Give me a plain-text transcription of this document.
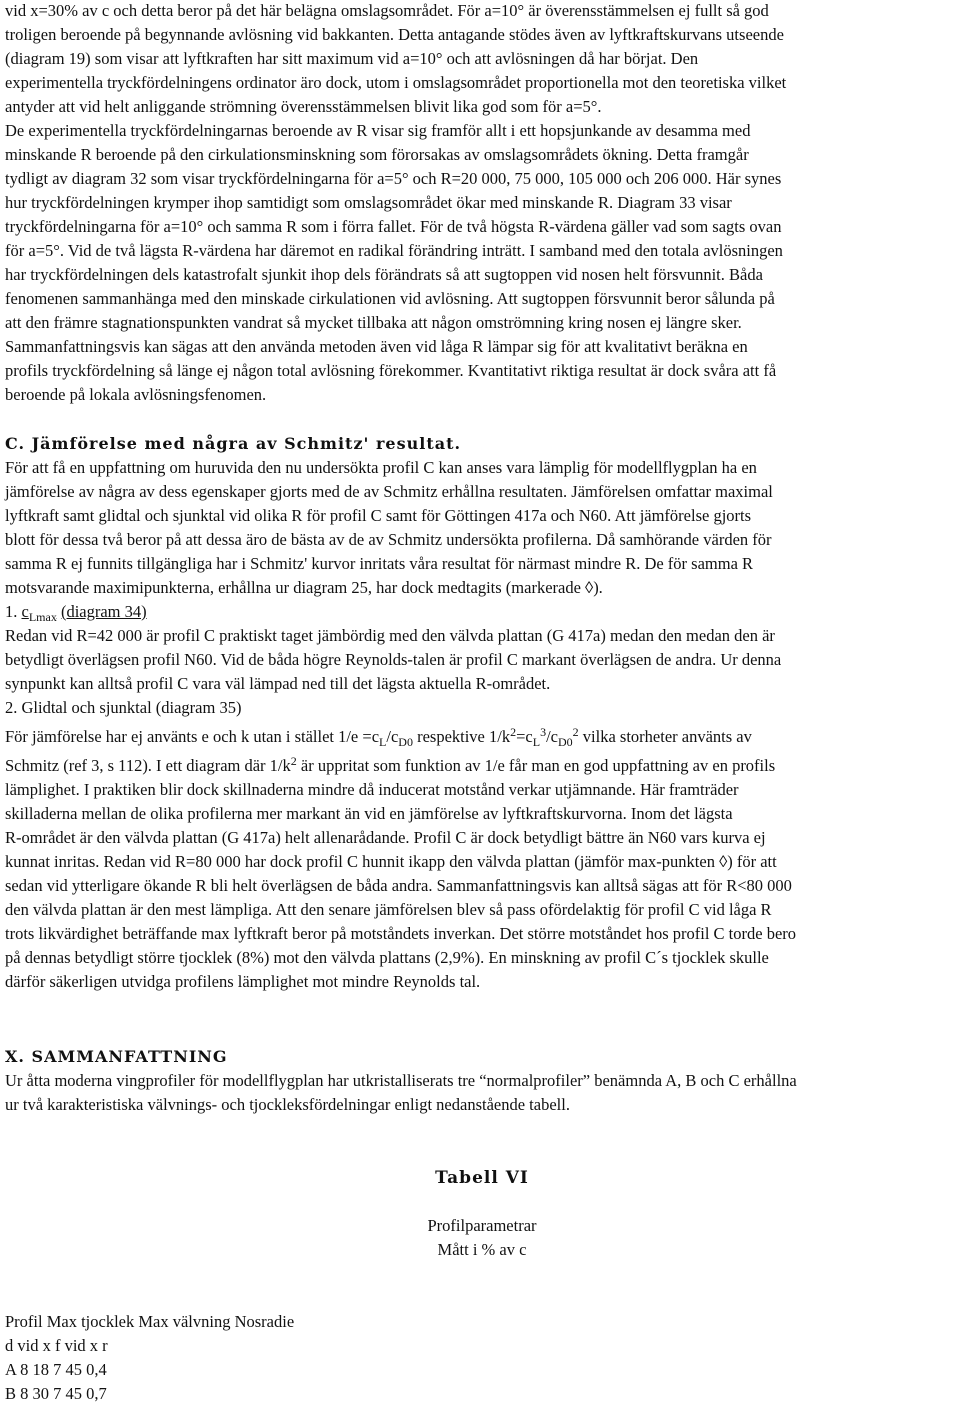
vid x=30% av c och detta beror på det här belägna omslagsområdet. För a=10° är överensstämmelsen ej fullt så god

troligen beroende på begynnande avlösning vid bakkanten. Detta antagande stödes även av lyftkraftskurvans utseende

(diagram 19) som visar att lyftkraften har sitt maximum vid a=10° och att avlösningen då har börjat. Den

experimentella tryckfördelningens ordinator äro dock, utom i omslagsområdet proportionella mot den teoretiska vilket

antyder att vid helt anliggande strömning överensstämmelsen blivit lika god som för a=5°.

De experimentella tryckfördelningarnas beroende av R visar sig framför allt i ett hopsjunkande av desamma med

minskande R beroende på den cirkulationsminskning som förorsakas av omslagsområdets ökning. Detta framgår

tydligt av diagram 32 som visar tryckfördelningarna för a=5° och R=20 000, 75 000, 105 000 och 206 000. Här synes

hur tryckfördelningen krymper ihop samtidigt som omslagsområdet ökar med minskande R. Diagram 33 visar

tryckfördelningarna för a=10° och samma R som i förra fallet. För de två högsta R-värdena gäller vad som sagts ovan

för a=5°. Vid de två lägsta R-värdena har däremot en radikal förändring inträtt. I samband med den totala avlösningen

har tryckfördelningen dels katastrofalt sjunkit ihop dels förändrats så att sugtoppen vid nosen helt försvunnit. Båda

fenomenen sammanhänga med den minskade cirkulationen vid avlösning. Att sugtoppen försvunnit beror sålunda på

att den främre stagnationspunkten vandrat så mycket tillbaka att någon omströmning kring nosen ej längre sker.

Sammanfattningsvis kan sägas att den använda metoden även vid låga R lämpar sig för att kvalitativt beräkna en

profils tryckfördelning så länge ej någon total avlösning förekommer. Kvantitativt riktiga resultat är dock svåra att få

beroende på lokala avlösningsfenomen.

C. Jämförelse med några av Schmitz' resultat.

För att få en uppfattning om huruvida den nu undersökta profil C kan anses vara lämplig för modellflygplan ha en

jämförelse av några av dess egenskaper gjorts med de av Schmitz erhållna resultaten. Jämförelsen omfattar maximal

lyftkraft samt glidtal och sjunktal vid olika R för profil C samt för Göttingen 417a och N60. Att jämförelse gjorts

blott för dessa två beror på att dessa äro de bästa av de av Schmitz undersökta profilerna. Då samhörande värden för

samma R ej funnits tillgängliga har i Schmitz' kurvor inritats våra resultat för närmast mindre R. De för samma R

motsvarande maximipunkterna, erhållna ur diagram 25, har dock medtagits (markerade ◊).

1. $c_{Lmax}$ (diagram 34)

Redan vid R=42 000 är profil C praktiskt taget jämbördig med den välvda plattan (G 417a) medan den medan den är

betydligt överlägsen profil N60. Vid de båda högre Reynolds-talen är profil C markant överlägsen de andra. Ur denna

synpunkt kan alltså profil C vara väl lämpad ned till det lägsta aktuella R-området.

2. Glidtal och sjunktal (diagram 35)

För jämförelse har ej använts e och k utan i stället $1/e =c_L/c_{D0}$ respektive $1/k^2=c_L^3/c_{D0}^2$ vilka storheter använts av

Schmitz (ref 3, s 112). I ett diagram där $1/k^2$ är uppritat som funktion av 1/e får man en god uppfattning av en profils

lämplighet. I praktiken blir dock skillnaderna mindre då inducerat motstånd verkar utjämnande. Här framträder

skilladerna mellan de olika profilerna mer markant än vid en jämförelse av lyftkraftskurvorna. Inom det lägsta

R-området är den välvda plattan (G 417a) helt allenarådande. Profil C är dock betydligt bättre än N60 vars kurva ej

kunnat inritas. Redan vid R=80 000 har dock profil C hunnit ikapp den välvda plattan (jämför max-punkten ◊) för att

sedan vid ytterligare ökande R bli helt överlägsen de båda andra. Sammanfattningsvis kan alltså sägas att för R<80 000

den välvda plattan är den mest lämpliga. Att den senare jämförelsen blev så pass ofördelaktig för profil C vid låga R

trots likvärdighet beträffande max lyftkraft beror på motståndets inverkan. Det större motståndet hos profil C torde bero

på dennas betydligt större tjocklek (8%) mot den välvda plattans (2,9%). En minskning av profil C´s tjocklek skulle

därför säkerligen utvidga profilens lämplighet mot mindre Reynolds tal.

X. SAMMANFATTNING

Ur åtta moderna vingprofiler för modellflygplan har utkristalliserats tre “normalprofiler” benämnda A, B och C erhållna

ur två karakteristiska välvnings- och tjockleksfördelningar enligt nedanstående tabell.

Tabell VI

Profilparametrar

Mått i % av c

Profil Max tjocklek Max välvning Nosradie

d vid x f vid x r

A 8 18 7 45 0,4

B 8 30 7 45 0,7
